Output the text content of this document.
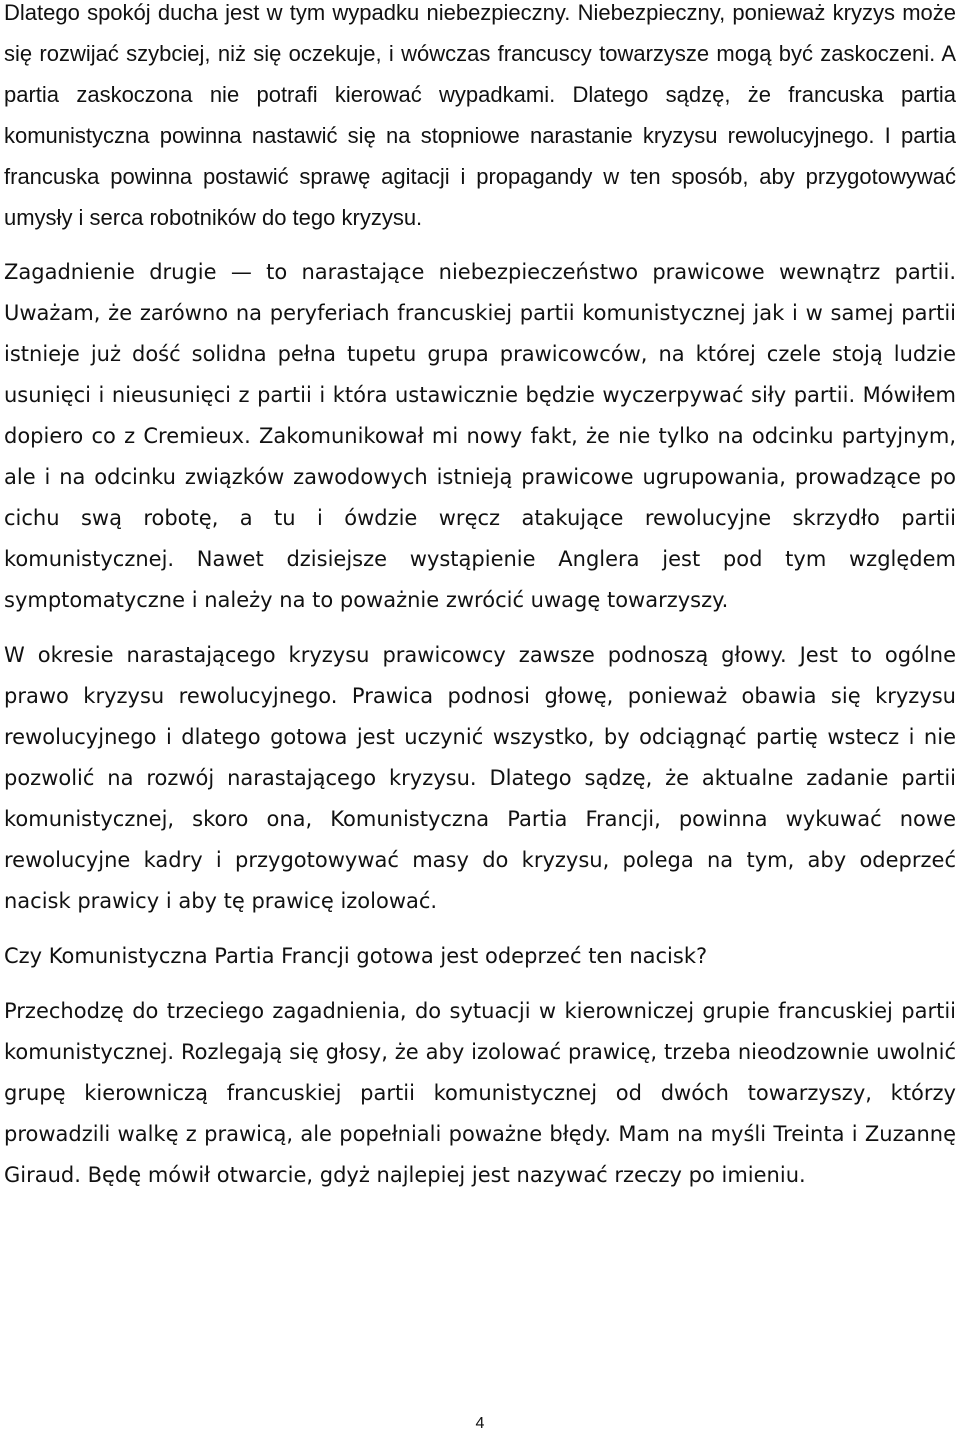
Dlatego spokój ducha jest w tym wypadku niebezpieczny. Niebezpieczny, ponieważ kryzys może się rozwijać szybciej, niż się oczekuje, i wówczas francuscy towarzysze mogą być zaskoczeni. A partia zaskoczona nie potrafi kierować wypadkami. Dlatego sądzę, że francuska partia komunistyczna powinna nastawić się na stopniowe narastanie kryzysu rewolucyjnego. I partia francuska powinna postawić sprawę agitacji i propagandy w ten sposób, aby przygotowywać umysły i serca robotników do tego kryzysu.

Zagadnienie drugie — to narastające niebezpieczeństwo prawicowe wewnątrz partii. Uważam, że zarówno na peryferiach francuskiej partii komunistycznej jak i w samej partii istnieje już dość solidna pełna tupetu grupa prawicowców, na której czele stoją ludzie usunięci i nieusunięci z partii i która ustawicznie będzie wyczerpywać siły partii. Mówiłem dopiero co z Cremieux. Zakomunikował mi nowy fakt, że nie tylko na odcinku partyjnym, ale i na odcinku związków zawodowych istnieją prawicowe ugrupowania, prowadzące po cichu swą robotę, a tu i ówdzie wręcz atakujące rewolucyjne skrzydło partii komunistycznej. Nawet dzisiejsze wystąpienie Anglera jest pod tym względem symptomatyczne i należy na to poważnie zwrócić uwagę towarzyszy.

W okresie narastającego kryzysu prawicowcy zawsze podnoszą głowy. Jest to ogólne prawo kryzysu rewolucyjnego. Prawica podnosi głowę, ponieważ obawia się kryzysu rewolucyjnego i dlatego gotowa jest uczynić wszystko, by odciągnąć partię wstecz i nie pozwolić na rozwój narastającego kryzysu. Dlatego sądzę, że aktualne zadanie partii komunistycznej, skoro ona, Komunistyczna Partia Francji, powinna wykuwać nowe rewolucyjne kadry i przygotowywać masy do kryzysu, polega na tym, aby odeprzeć nacisk prawicy i aby tę prawicę izolować.

Czy Komunistyczna Partia Francji gotowa jest odeprzeć ten nacisk?

Przechodzę do trzeciego zagadnienia, do sytuacji w kierowniczej grupie francuskiej partii komunistycznej. Rozlegają się głosy, że aby izolować prawicę, trzeba nieodzownie uwolnić grupę kierowniczą francuskiej partii komunistycznej od dwóch towarzyszy, którzy prowadzili walkę z prawicą, ale popełniali poważne błędy. Mam na myśli Treinta i Zuzannę Giraud. Będę mówił otwarcie, gdyż najlepiej jest nazywać rzeczy po imieniu.

4
